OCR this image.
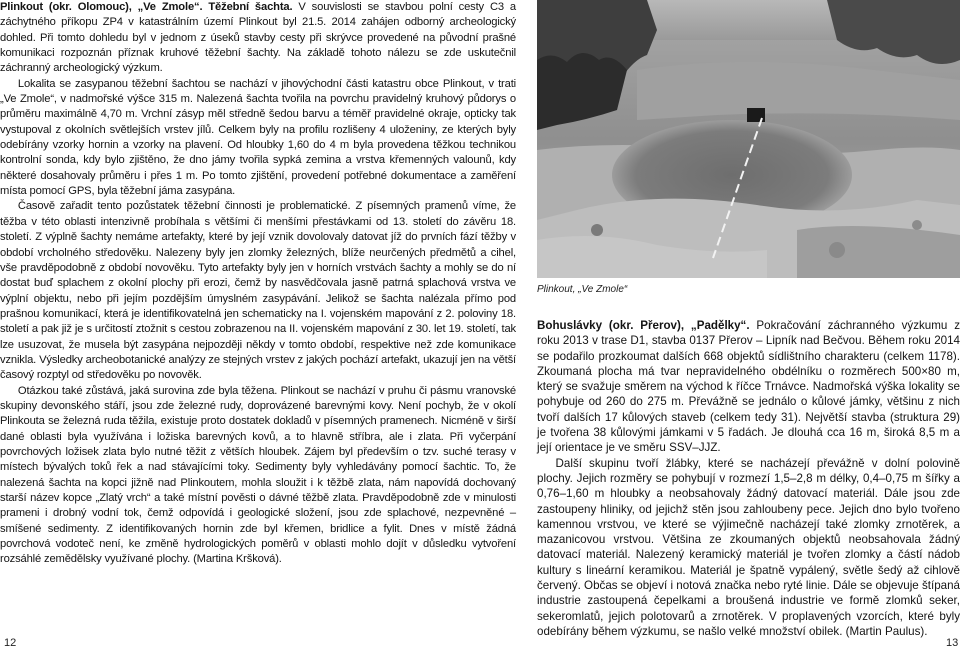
Plinkout (okr. Olomouc), „Ve Zmole“. Těžební šachta. V souvislosti se stavbou polní cesty C3 a záchytného příkopu ZP4 v katastrálním území Plinkout byl 21.5. 2014 zahájen odborný archeologický dohled. Při tomto dohledu byl v jednom z úseků stavby cesty při skrývce provedené na původní prašné komunikaci rozpoznán příznak kruhové těžební šachty. Na základě tohoto nálezu se zde uskutečnil záchranný archeologický výzkum.

Lokalita se zasypanou těžební šachtou se nachází v jihovýchodní části katastru obce Plinkout, v trati „Ve Zmole“, v nadmořské výšce 315 m. Nalezená šachta tvořila na povrchu pravidelný kruhový půdorys o průměru maximálně 4,70 m. Vrchní zásyp měl středně šedou barvu a téměř pravidelné okraje, opticky tak vystupoval z okolních světlejších vrstev jílů. Celkem byly na profilu rozlišeny 4 uloženiny, ze kterých byly odebírány vzorky hornin a vzorky na plavení. Od hloubky 1,60 do 4 m byla provedena těžkou technikou kontrolní sonda, kdy bylo zjištěno, že dno jámy tvořila sypká zemina a vrstva křemenných valounů, kdy některé dosahovaly průměru i přes 1 m. Po tomto zjištění, provedení potřebné dokumentace a zaměření místa pomocí GPS, byla těžební jáma zasypána.

Časově zařadit tento pozůstatek těžební činnosti je problematické. Z písemných pramenů víme, že těžba v této oblasti intenzivně probíhala s většími či menšími přestávkami od 13. století do závěru 18. století. Z výplně šachty nemáme artefakty, které by její vznik dovolovaly datovat jíž do prvních fází těžby v období vrcholného středověku. Nalezeny byly jen zlomky železných, blíže neurčených předmětů a cihel, vše pravděpodobně z období novověku. Tyto artefakty byly jen v horních vrstvách šachty a mohly se do ní dostat buď splachem z okolní plochy při erozi, čemž by nasvědčovala jasně patrná splachová vrstva ve výplní objektu, nebo při jejím pozdějším úmyslném zasypávání. Jelikož se šachta nalézala přímo pod prašnou komunikací, která je identifikovatelná jen schematicky na I. vojenském mapování z 2. poloviny 18. století a pak již je s určitostí ztožnit s cestou zobrazenou na II. vojenském mapování z 30. let 19. století, tak lze usuzovat, že musela být zasypána nejpozději někdy v tomto období, respektive než zde komunikace vznikla. Výsledky archeobotanické analýzy ze stejných vrstev z jakých pochází artefakt, ukazují jen na větší časový rozptyl od středověku po novověk.

Otázkou také zůstává, jaká surovina zde byla těžena. Plinkout se nachází v pruhu či pásmu vranovské skupiny devonského stáří, jsou zde železné rudy, doprovázené barevnými kovy. Není pochyb, že v okolí Plinkouta se železná ruda těžila, existuje proto dostatek dokladů v písemných pramenech. Nicméně v širší dané oblasti byla využívána i ložiska barevných kovů, a to hlavně stříbra, ale i zlata. Při vyčerpání povrchových ložisek zlata bylo nutné těžit z větších hloubek. Zájem byl především o tzv. suché terasy v místech bývalých toků řek a nad stávajícími toky. Sedimenty byly vyhledávány pomocí šachtic. To, že nalezená šachta na kopci jižně nad Plinkoutem, mohla sloužit i k těžbě zlata, nám napovídá dochovaný starší název kopce „Zlatý vrch“ a také místní pověsti o dávné těžbě zlata. Pravděpodobně zde v minulosti prameni i drobný vodní tok, čemž odpovídá i geologické složení, jsou zde splachové, nezpevněné – smíšené sedimenty. Z identifikovaných hornin zde byl křemen, bridlice a fylit. Dnes v místě žádná povrchová vodoteč není, ke změně hydrologických poměrů v oblasti mohlo dojít v důsledku vytvoření rozsáhlé zemědělsky využívané plochy. (Martina Kršková).

Plinkout, „Ve Zmole“

Bohuslávky (okr. Přerov), „Padělky“. Pokračování záchranného výzkumu z roku 2013 v trase D1, stavba 0137 Přerov – Lipník nad Bečvou. Během roku 2014 se podařilo prozkoumat dalších 668 objektů sídlištního charakteru (celkem 1178). Zkoumaná plocha má tvar nepravidelného obdélníku o rozměrech 500×80 m, který se svažuje směrem na východ k říčce Trnávce. Nadmořská výška lokality se pohybuje od 260 do 275 m. Převážně se jednálo o kůlové jámky, většinu z nich tvoří dalších 17 kůlových staveb (celkem tedy 31). Největší stavba (struktura 29) je tvořena 38 kůlovými jámkami v 5 řadách. Je dlouhá cca 16 m, široká 8,5 m a její orientace je ve směru SSV–JJZ.

Další skupinu tvoří žlábky, které se nacházejí převážně v dolní polovině plochy. Jejich rozměry se pohybují v rozmezí 1,5–2,8 m délky, 0,4–0,75 m šířky a 0,76–1,60 m hloubky a neobsahovaly žádný datovací materiál. Dále jsou zde zastoupeny hliniky, od jejichž stěn jsou zahloubeny pece. Jejich dno bylo tvořeno kamennou vrstvou, ve které se výjimečně nacházejí také zlomky zrnotěrek, a mazanicovou vrstvou. Většina ze zkoumaných objektů neobsahovala žádný datovací materiál. Nalezený keramický materiál je tvořen zlomky a částí nádob kultury s lineární keramikou. Materiál je špatně vypálený, světle šedý až cihlově červený. Občas se objeví i notová značka nebo ryté linie. Dále se objevuje štípaná industrie zastoupená čepelkami a broušená industrie ve formě zlomků seker, sekeromlatů, jejich polotovarů a zrnotěrek. V proplavených vzorcích, které byly odebírány během výzkumu, se našlo velké množství obilek. (Martin Paulus).

12	13
